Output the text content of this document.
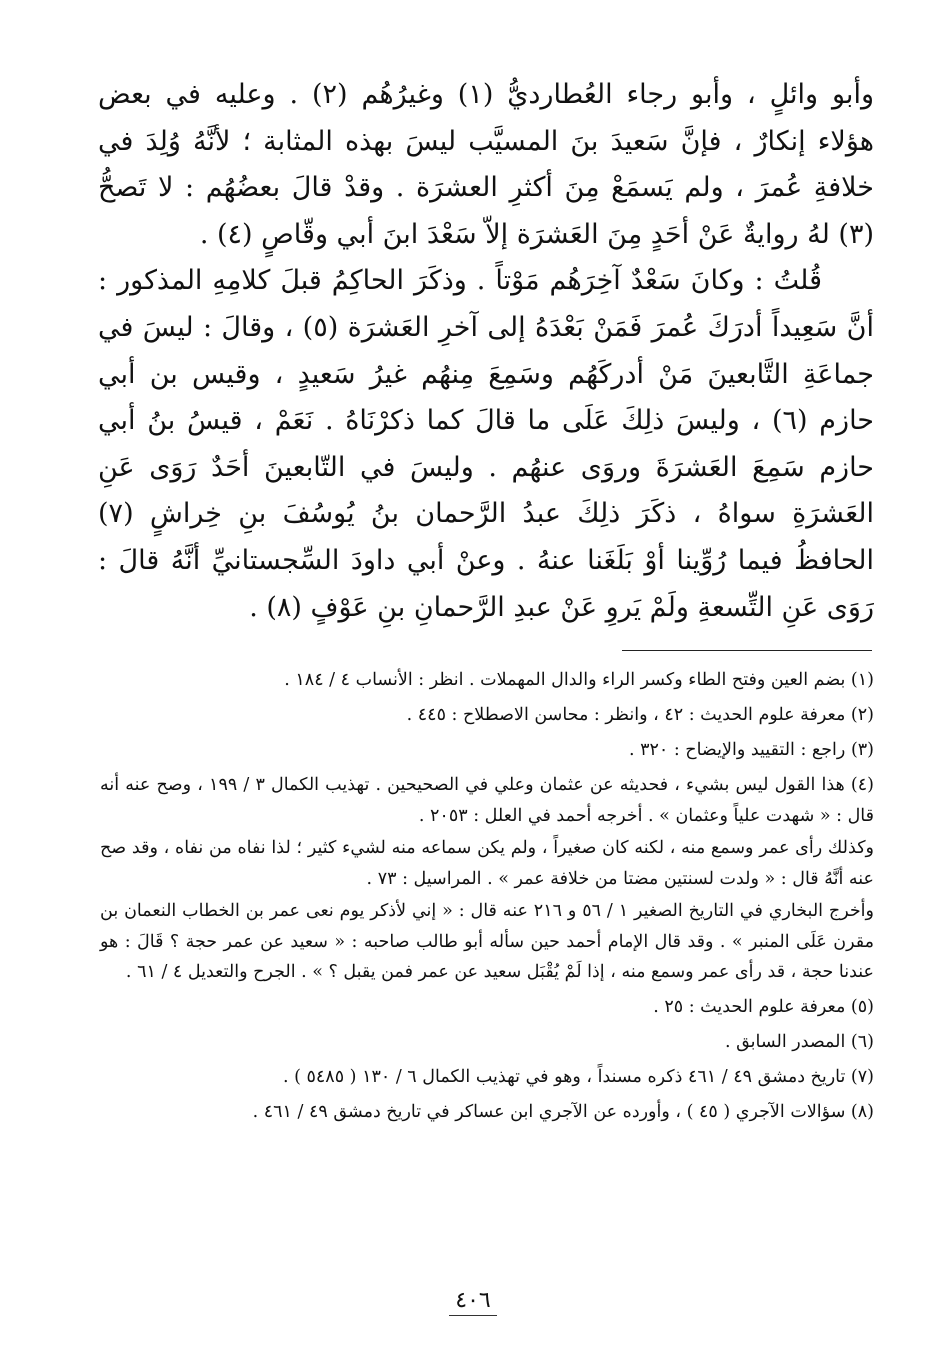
وأبو وائلٍ ، وأبو رجاء العُطارديُّ (١) وغيرُهُم (٢) . وعليه في بعض هؤلاء إنكارٌ ، فإنَّ سَعيدَ بنَ المسيَّب ليسَ بهذه المثابة ؛ لأنَّهُ وُلِدَ في خلافةِ عُمرَ ، ولم يَسمَعْ مِنَ أكثرِ العشرَة . وقدْ قالَ بعضُهُم : لا تَصحُّ (٣) لهُ روايةٌ عَنْ أحَدٍ مِنَ العَشرَة إلاّ سَعْدَ ابنَ أبي وقّاصٍ (٤) .

قُلتُ : وكانَ سَعْدٌ آخِرَهُم مَوْتاً . وذكَرَ الحاكِمُ قبلَ كلامِهِ المذكور : أنَّ سَعِيداً أدرَكَ عُمرَ فَمَنْ بَعْدَهُ إلى آخرِ العَشرَة (٥) ، وقالَ : ليسَ في جماعَةِ التَّابعينَ مَنْ أدركَهُم وسَمِعَ مِنهُم غيرُ سَعيدٍ ، وقيس بن أبي حازم (٦) ، وليسَ ذلِكَ عَلَى ما قالَ كما ذكرْنَاهُ . نَعَمْ ، قيسُ بنُ أبي حازم سَمِعَ العَشرَةَ وروَى عنهُم . وليسَ في التّابعينَ أحَدٌ رَوَى عَنِ العَشرَةِ سواهُ ، ذكَرَ ذلِكَ عبدُ الرَّحمان بنُ يُوسُفَ بنِ خِراشٍ (٧) الحافظُ فيما رُوِّينا أوْ بَلَغَنا عنهُ . وعنْ أبي داودَ السِّجستانيِّ أنَّهُ قالَ : رَوَى عَنِ التِّسعةِ ولَمْ يَروِ عَنْ عبدِ الرَّحمانِ بنِ عَوْفٍ (٨) .

(١) بضم العين وفتح الطاء وكسر الراء والدال المهملات . انظر : الأنساب ٤ / ١٨٤ .

(٢) معرفة علوم الحديث : ٤٢ ، وانظر : محاسن الاصطلاح : ٤٤٥ .

(٣) راجع : التقييد والإيضاح : ٣٢٠ .

(٤) هذا القول ليس بشيء ، فحديثه عن عثمان وعلي في الصحيحين . تهذيب الكمال ٣ / ١٩٩ ، وصح عنه أنه قال : « شهدت علياً وعثمان » . أخرجه أحمد في العلل : ٢٠٥٣ .

وكذلك رأى عمر وسمع منه ، لكنه كان صغيراً ، ولم يكن سماعه منه لشيء كثير ؛ لذا نفاه من نفاه ، وقد صح عنه أنَّهُ قال : « ولدت لسنتين مضتا من خلافة عمر » . المراسيل : ٧٣ .

وأخرج البخاري في التاريخ الصغير ١ / ٥٦ و ٢١٦ عنه قال : « إني لأذكر يوم نعى عمر بن الخطاب النعمان بن مقرن عَلَى المنبر » . وقد قال الإمام أحمد حين سأله أبو طالب صاحبه : « سعيد عن عمر حجة ؟ قَالَ : هو عندنا حجة ، قد رأى عمر وسمع منه ، إذا لَمْ يُقْبَل سعيد عن عمر فمن يقبل ؟ » . الجرح والتعديل ٤ / ٦١ .

(٥) معرفة علوم الحديث : ٢٥ .

(٦) المصدر السابق .

(٧) تاريخ دمشق ٤٩ / ٤٦١ ذكره مسنداً ، وهو في تهذيب الكمال ٦ / ١٣٠ ( ٥٤٨٥ ) .

(٨) سؤالات الآجري ( ٤٥ ) ، وأورده عن الآجري ابن عساكر في تاريخ دمشق ٤٩ / ٤٦١ .

٤٠٦
